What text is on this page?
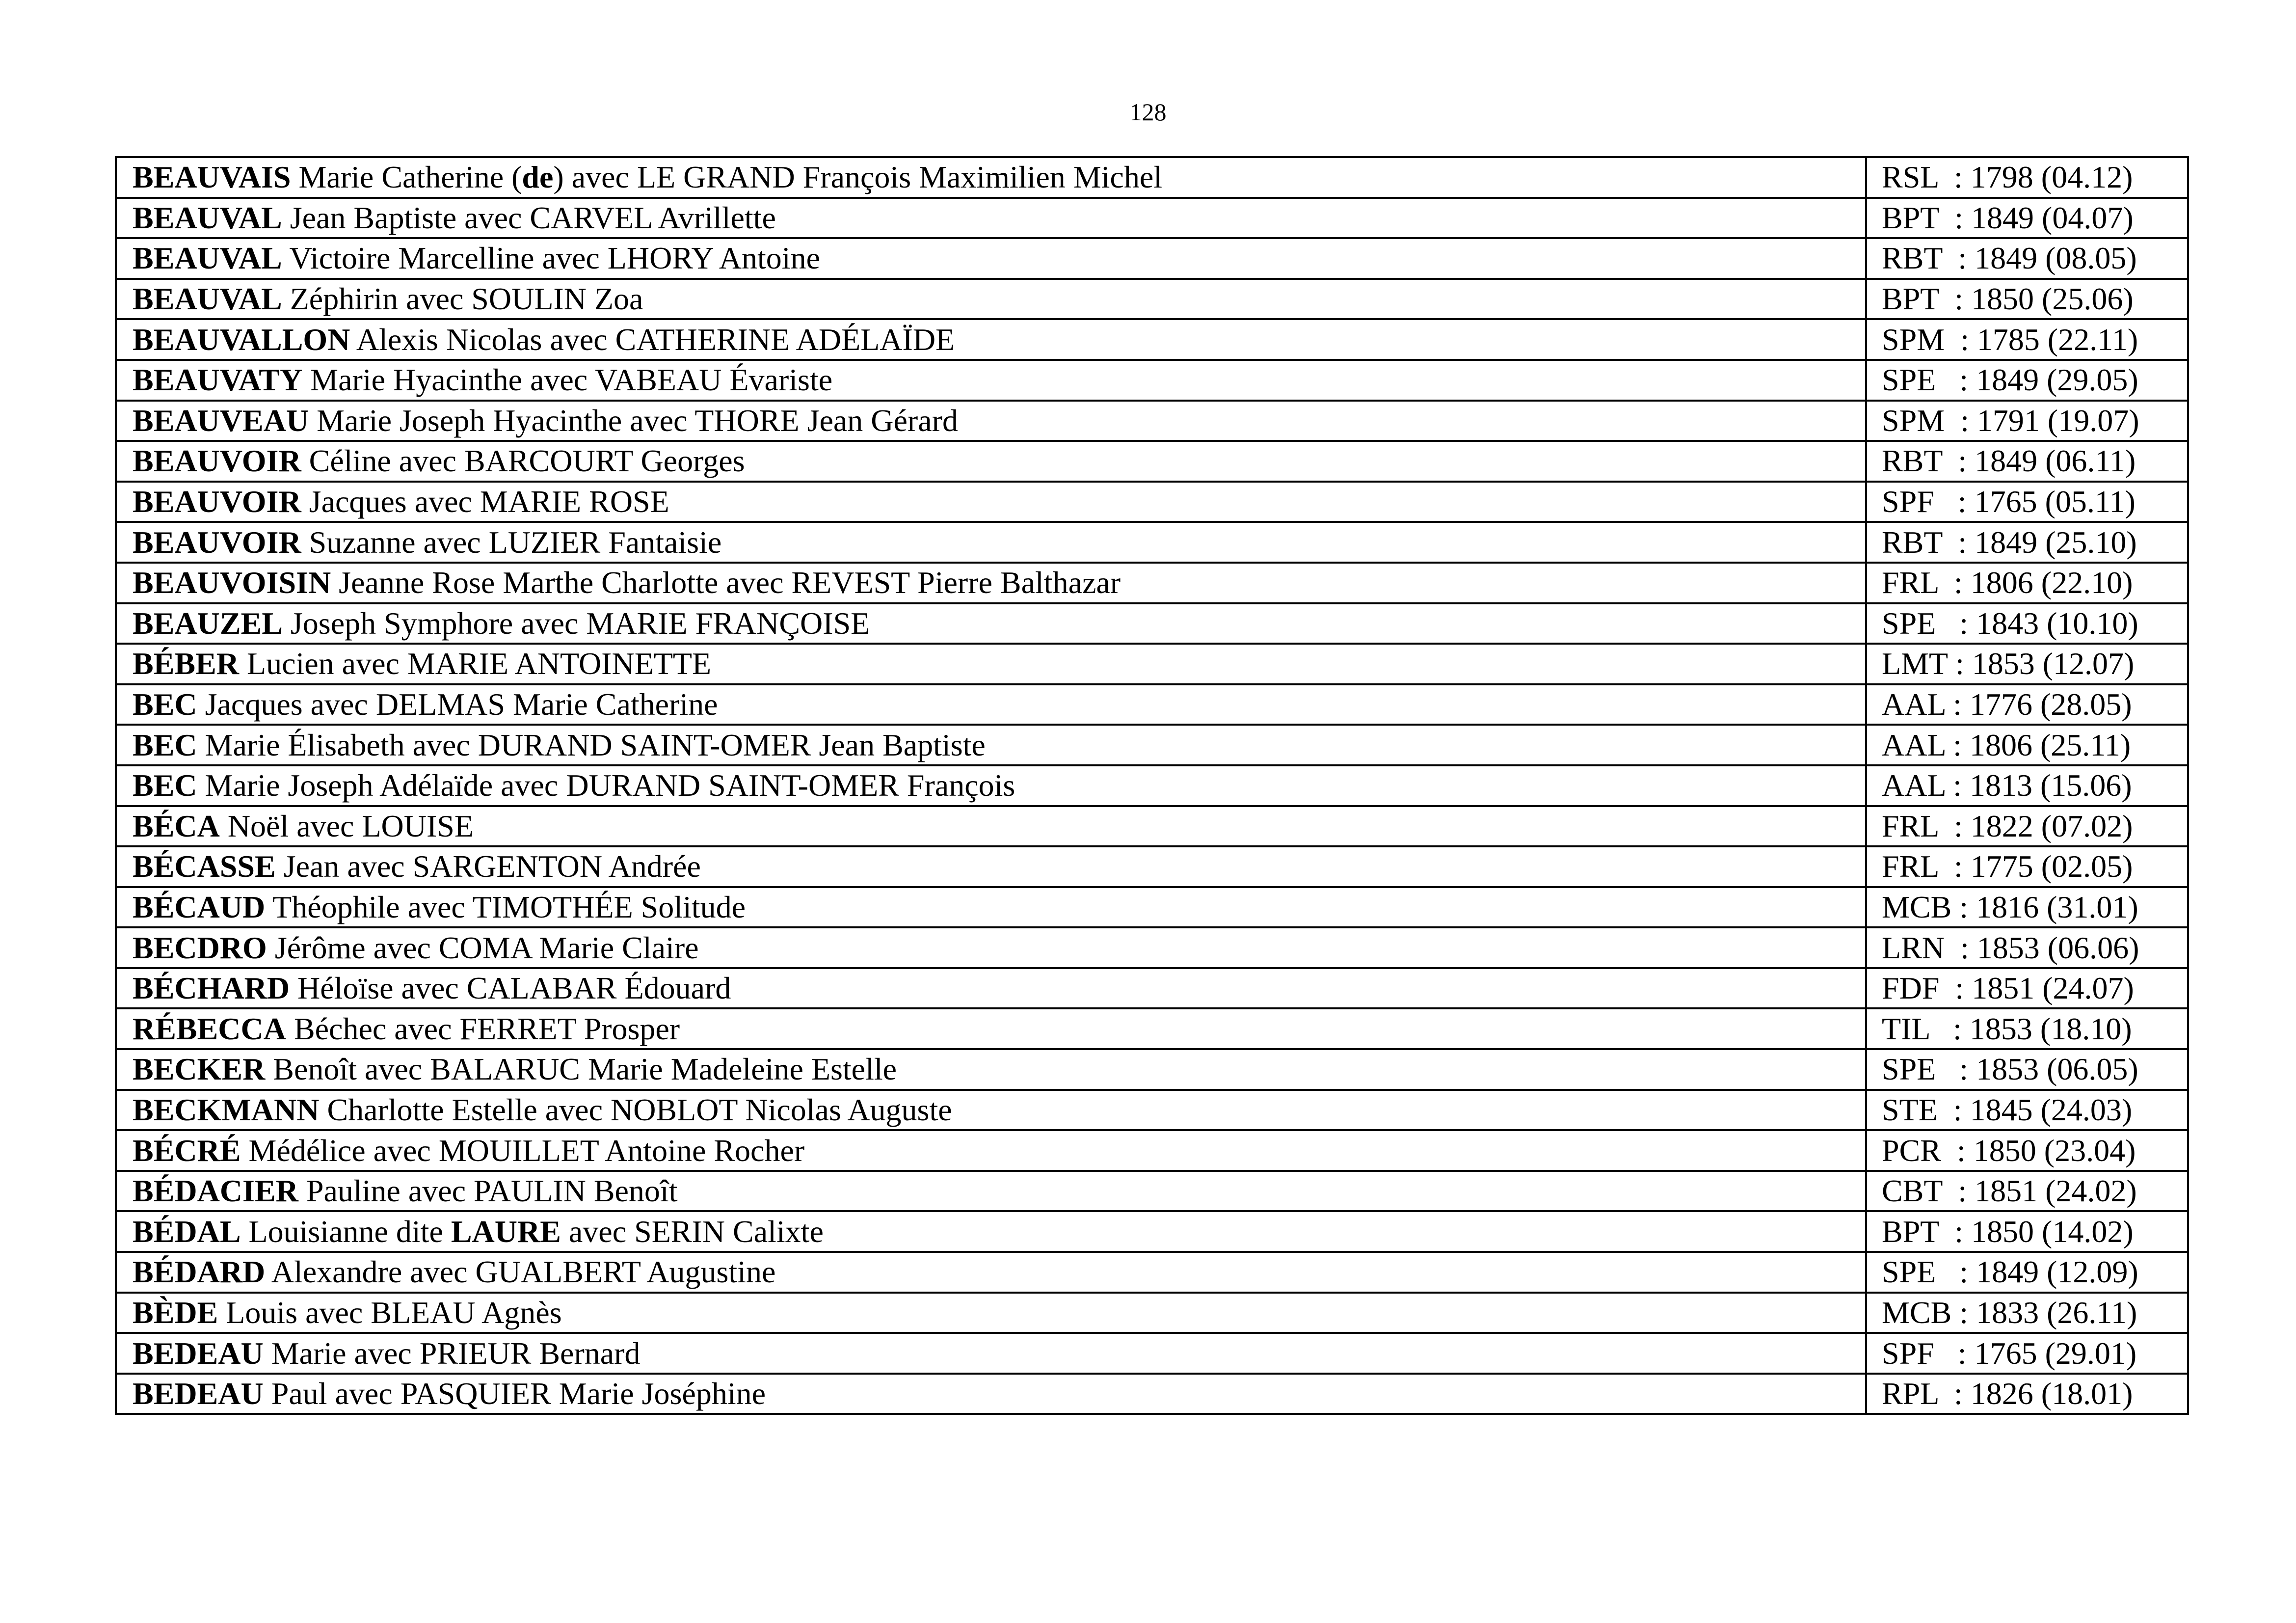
128
BEAUVAIS Marie Catherine (de) avec LE GRAND François Maximilien Michel	RSL  : 1798 (04.12)
BEAUVAL Jean Baptiste avec CARVEL Avrillette	BPT  : 1849 (04.07)
BEAUVAL Victoire Marcelline avec LHORY Antoine	RBT  : 1849 (08.05)
BEAUVAL Zéphirin avec SOULIN Zoa	BPT  : 1850 (25.06)
BEAUVALLON Alexis Nicolas avec CATHERINE ADÉLAÏDE	SPM  : 1785 (22.11)
BEAUVATY Marie Hyacinthe avec VABEAU Évariste	SPE   : 1849 (29.05)
BEAUVEAU Marie Joseph Hyacinthe avec THORE Jean Gérard	SPM  : 1791 (19.07)
BEAUVOIR Céline avec BARCOURT Georges	RBT  : 1849 (06.11)
BEAUVOIR Jacques avec MARIE ROSE	SPF   : 1765 (05.11)
BEAUVOIR Suzanne avec LUZIER Fantaisie	RBT  : 1849 (25.10)
BEAUVOISIN Jeanne Rose Marthe Charlotte avec REVEST Pierre Balthazar	FRL  : 1806 (22.10)
BEAUZEL Joseph Symphore avec MARIE FRANÇOISE	SPE   : 1843 (10.10)
BÉBER Lucien avec MARIE ANTOINETTE	LMT : 1853 (12.07)
BEC Jacques avec DELMAS Marie Catherine	AAL : 1776 (28.05)
BEC Marie Élisabeth avec DURAND SAINT-OMER Jean Baptiste	AAL : 1806 (25.11)
BEC Marie Joseph Adélaïde avec DURAND SAINT-OMER François	AAL : 1813 (15.06)
BÉCA Noël avec LOUISE	FRL  : 1822 (07.02)
BÉCASSE Jean avec SARGENTON Andrée	FRL  : 1775 (02.05)
BÉCAUD Théophile avec TIMOTHÉE Solitude	MCB : 1816 (31.01)
BECDRO Jérôme avec COMA Marie Claire	LRN  : 1853 (06.06)
BÉCHARD Héloïse avec CALABAR Édouard	FDF  : 1851 (24.07)
RÉBECCA Béchec avec FERRET Prosper	TIL   : 1853 (18.10)
BECKER Benoît avec BALARUC Marie Madeleine Estelle	SPE   : 1853 (06.05)
BECKMANN Charlotte Estelle avec NOBLOT Nicolas Auguste	STE  : 1845 (24.03)
BÉCRÉ Médélice avec MOUILLET Antoine Rocher	PCR  : 1850 (23.04)
BÉDACIER Pauline avec PAULIN Benoît	CBT  : 1851 (24.02)
BÉDAL Louisianne dite LAURE avec SERIN Calixte	BPT  : 1850 (14.02)
BÉDARD Alexandre avec GUALBERT Augustine	SPE   : 1849 (12.09)
BÈDE Louis avec BLEAU Agnès	MCB : 1833 (26.11)
BEDEAU Marie avec PRIEUR Bernard	SPF   : 1765 (29.01)
BEDEAU Paul avec PASQUIER Marie Joséphine	RPL  : 1826 (18.01)
